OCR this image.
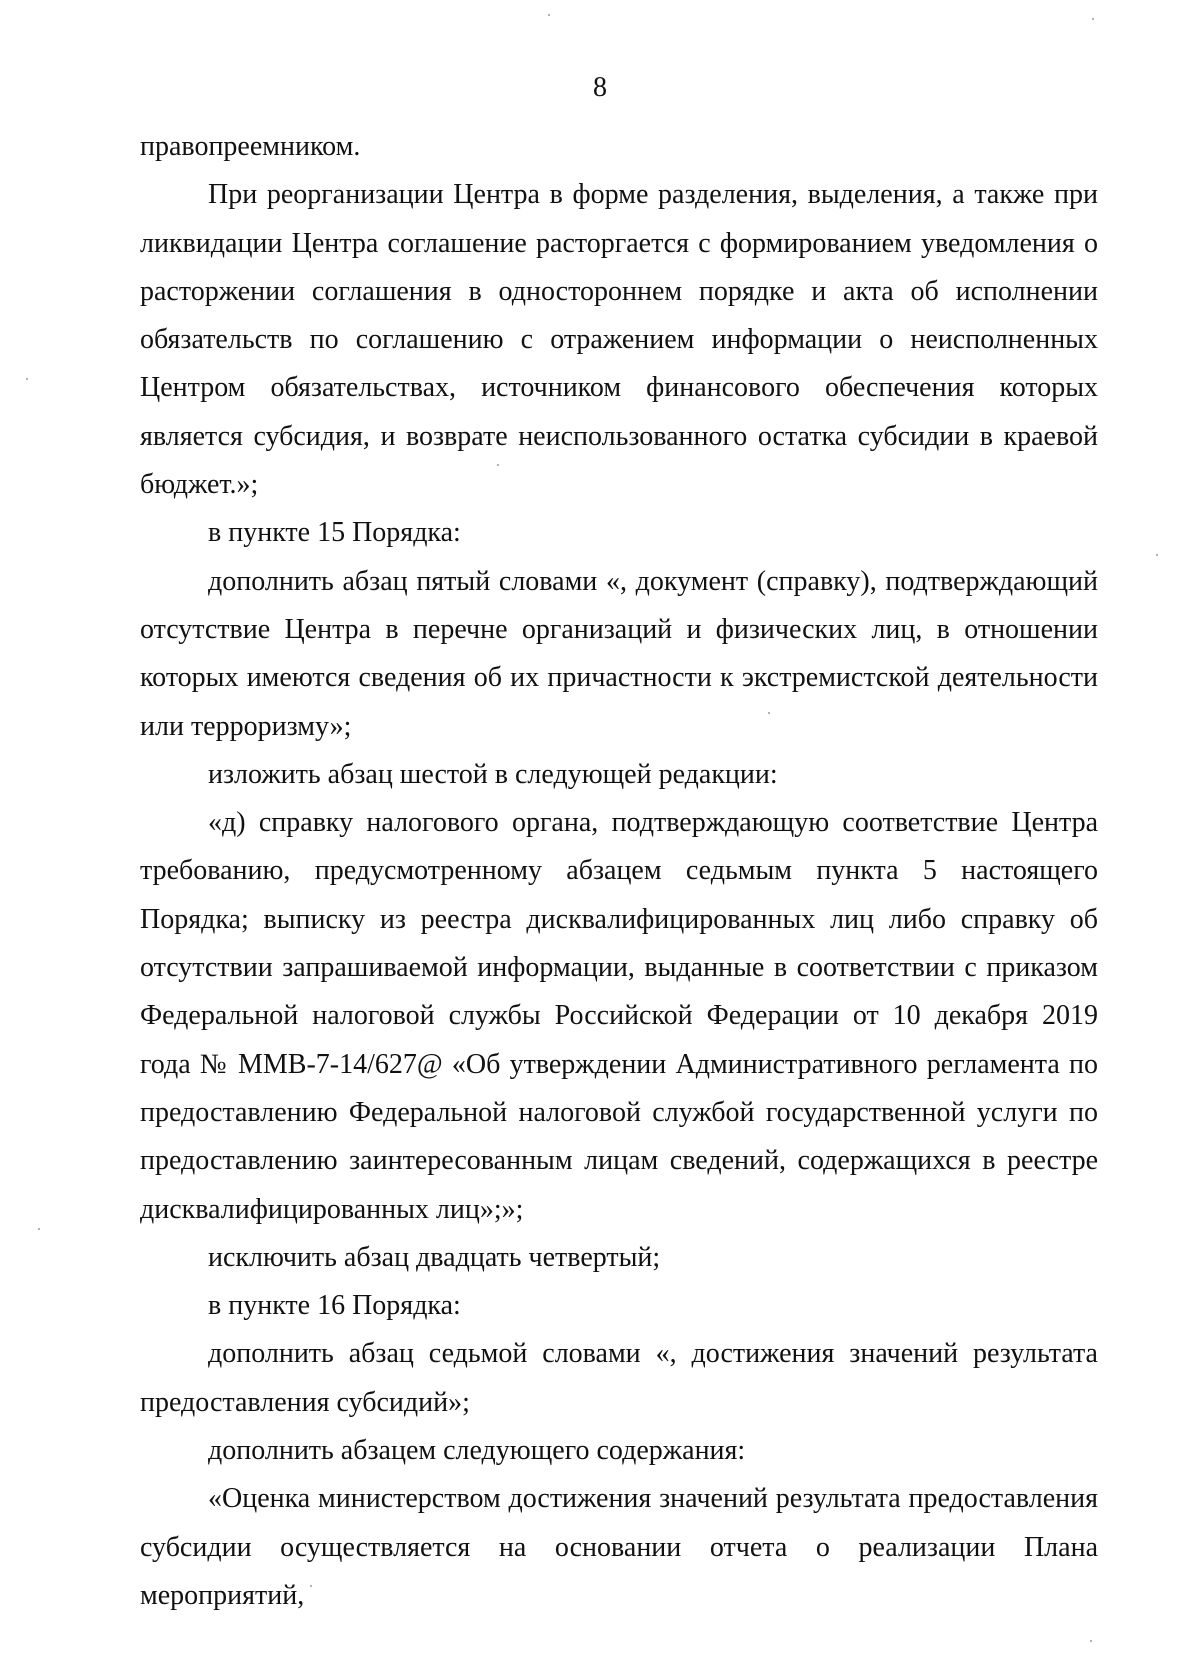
8

правопреемником.

При реорганизации Центра в форме разделения, выделения, а также при ликвидации Центра соглашение расторгается с формированием уведомления о расторжении соглашения в одностороннем порядке и акта об исполнении обязательств по соглашению с отражением информации о неисполненных Центром обязательствах, источником финансового обеспечения которых является субсидия, и возврате неиспользованного остатка субсидии в краевой бюджет.»;

в пункте 15 Порядка:

дополнить абзац пятый словами «, документ (справку), подтверждающий отсутствие Центра в перечне организаций и физических лиц, в отношении которых имеются сведения об их причастности к экстремистской деятельности или терроризму»;

изложить абзац шестой в следующей редакции:

«д) справку налогового органа, подтверждающую соответствие Центра требованию, предусмотренному абзацем седьмым пункта 5 настоящего Порядка; выписку из реестра дисквалифицированных лиц либо справку об отсутствии запрашиваемой информации, выданные в соответствии с приказом Федеральной налоговой службы Российской Федерации от 10 декабря 2019 года № ММВ-7-14/627@ «Об утверждении Административного регламента по предоставлению Федеральной налоговой службой государственной услуги по предоставлению заинтересованным лицам сведений, содержащихся в реестре дисквалифицированных лиц»;»;

исключить абзац двадцать четвертый;

в пункте 16 Порядка:

дополнить абзац седьмой словами «, достижения значений результата предоставления субсидий»;

дополнить абзацем следующего содержания:

«Оценка министерством достижения значений результата предоставления субсидии осуществляется на основании отчета о реализации Плана мероприятий,
